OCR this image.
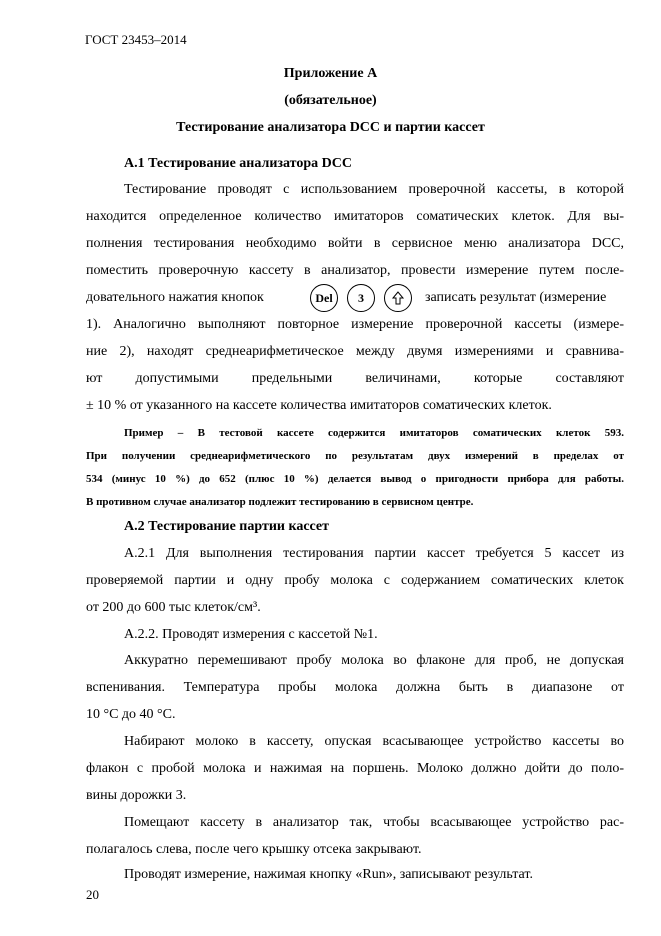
ГОСТ 23453–2014
Приложение А
(обязательное)
Тестирование анализатора DCC и партии кассет
А.1 Тестирование анализатора DCC
Тестирование проводят с использованием проверочной кассеты, в которой
находится определенное количество имитаторов соматических клеток. Для вы-
полнения тестирования необходимо войти в сервисное меню анализатора DCC,
поместить проверочную кассету в анализатор, провести измерение путем после-
довательного нажатия кнопок	Del	3	записать результат (измерение
1). Аналогично выполняют повторное измерение проверочной кассеты (измере-
ние 2), находят среднеарифметическое между двумя измерениями и сравнива-
ют допустимыми предельными величинами, которые составляют
± 10 % от указанного на кассете количества имитаторов соматических клеток.
Пример – В тестовой кассете содержится имитаторов соматических клеток 593.
При получении среднеарифметического по результатам двух измерений в пределах от
534 (минус 10 %) до 652 (плюс 10 %) делается вывод о пригодности прибора для работы.
В противном случае анализатор подлежит тестированию в сервисном центре.
А.2 Тестирование партии кассет
А.2.1 Для выполнения тестирования партии кассет требуется 5 кассет из
проверяемой партии и одну пробу молока с содержанием соматических клеток
от 200 до 600 тыс клеток/см³.
А.2.2. Проводят измерения с кассетой №1.
Аккуратно перемешивают пробу молока во флаконе для проб, не допуская
вспенивания. Температура пробы молока должна быть в диапазоне от
10 °С до 40 °С.
Набирают молоко в кассету, опуская всасывающее устройство кассеты во
флакон с пробой молока и нажимая на поршень. Молоко должно дойти до поло-
вины дорожки 3.
Помещают кассету в анализатор так, чтобы всасывающее устройство рас-
полагалось слева, после чего крышку отсека закрывают.
Проводят измерение, нажимая кнопку «Run», записывают результат.
20
